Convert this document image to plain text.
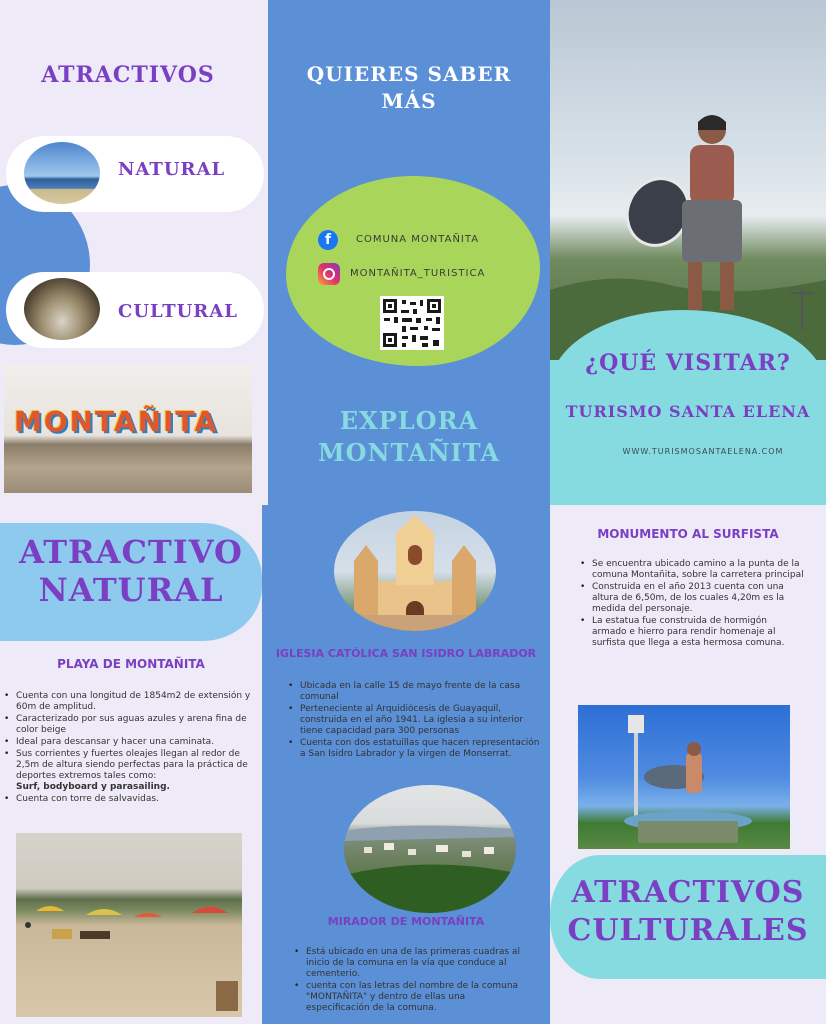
ATRACTIVOS
NATURAL
CULTURAL
MONTAÑITA
QUIERES SABER
MÁS
f	COMUNA MONTAÑITA
MONTAÑITA_TURISTICA
EXPLORA
MONTAÑITA
¿QUÉ VISITAR?
TURISMO SANTA ELENA
WWW.TURISMOSANTAELENA.COM
ATRACTIVO
NATURAL
PLAYA DE MONTAÑITA
• Cuenta con una longitud de 1854m2 de extensión y 60m de amplitud.
• Caracterizado por sus aguas azules y arena fina de color beige
• Ideal para descansar y hacer una caminata.
• Sus corrientes y fuertes oleajes llegan al redor de 2,5m de altura siendo perfectas para la práctica de deportes extremos tales como:
Surf, bodyboard y parasailing.
• Cuenta con torre de salvavidas.
IGLESIA CATÓLICA SAN ISIDRO LABRADOR
• Ubicada en la calle 15 de mayo frente de la casa comunal
• Perteneciente al Arquidiócesis de Guayaquil, construida en el año 1941. La iglesia a su interior tiene capacidad para 300 personas
• Cuenta con dos estatuillas que hacen representación a San Isidro Labrador y la virgen de Monserrat.
MIRADOR DE MONTAÑITA
• Está ubicado en una de las primeras cuadras al inicio de la comuna en la vía que conduce al cementerio.
• cuenta con las letras del nombre de la comuna "MONTAÑITA" y dentro de ellas una especificación de la comuna.
MONUMENTO AL SURFISTA
• Se encuentra ubicado camino a la punta de la comuna Montañita, sobre la carretera principal
• Construida en el año 2013 cuenta con una altura de 6,50m, de los cuales 4,20m es la medida del personaje.
• La estatua fue construida de hormigón armado e hierro para rendir homenaje al surfista que llega a esta hermosa comuna.
ATRACTIVOS
CULTURALES
